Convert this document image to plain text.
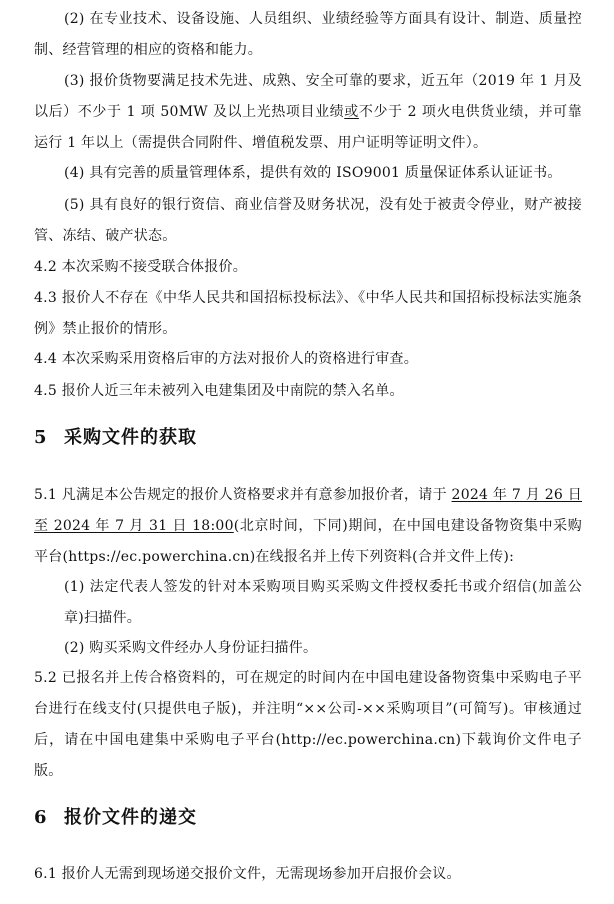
(2) 在专业技术、设备设施、人员组织、业绩经验等方面具有设计、制造、质量控制、经营管理的相应的资格和能力。
(3) 报价货物要满足技术先进、成熟、安全可靠的要求，近五年（2019 年 1 月及以后）不少于 1 项 50MW 及以上光热项目业绩或不少于 2 项火电供货业绩，并可靠运行 1 年以上（需提供合同附件、增值税发票、用户证明等证明文件）。
(4) 具有完善的质量管理体系，提供有效的 ISO9001 质量保证体系认证证书。
(5) 具有良好的银行资信、商业信誉及财务状况，没有处于被责令停业，财产被接管、冻结、破产状态。
4.2 本次采购不接受联合体报价。
4.3 报价人不存在《中华人民共和国招标投标法》、《中华人民共和国招标投标法实施条例》禁止报价的情形。
4.4 本次采购采用资格后审的方法对报价人的资格进行审查。
4.5 报价人近三年未被列入电建集团及中南院的禁入名单。
5 采购文件的获取
5.1 凡满足本公告规定的报价人资格要求并有意参加报价者，请于 2024 年 7 月 26 日至 2024 年 7 月 31 日 18:00(北京时间，下同)期间，在中国电建设备物资集中采购平台(https://ec.powerchina.cn)在线报名并上传下列资料(合并文件上传):
(1) 法定代表人签发的针对本采购项目购买采购文件授权委托书或介绍信(加盖公章)扫描件。
(2) 购买采购文件经办人身份证扫描件。
5.2 已报名并上传合格资料的，可在规定的时间内在中国电建设备物资集中采购电子平台进行在线支付(只提供电子版)，并注明“××公司-××采购项目”(可简写)。审核通过后，请在中国电建集中采购电子平台(http://ec.powerchina.cn)下载询价文件电子版。
6 报价文件的递交
6.1 报价人无需到现场递交报价文件，无需现场参加开启报价会议。
